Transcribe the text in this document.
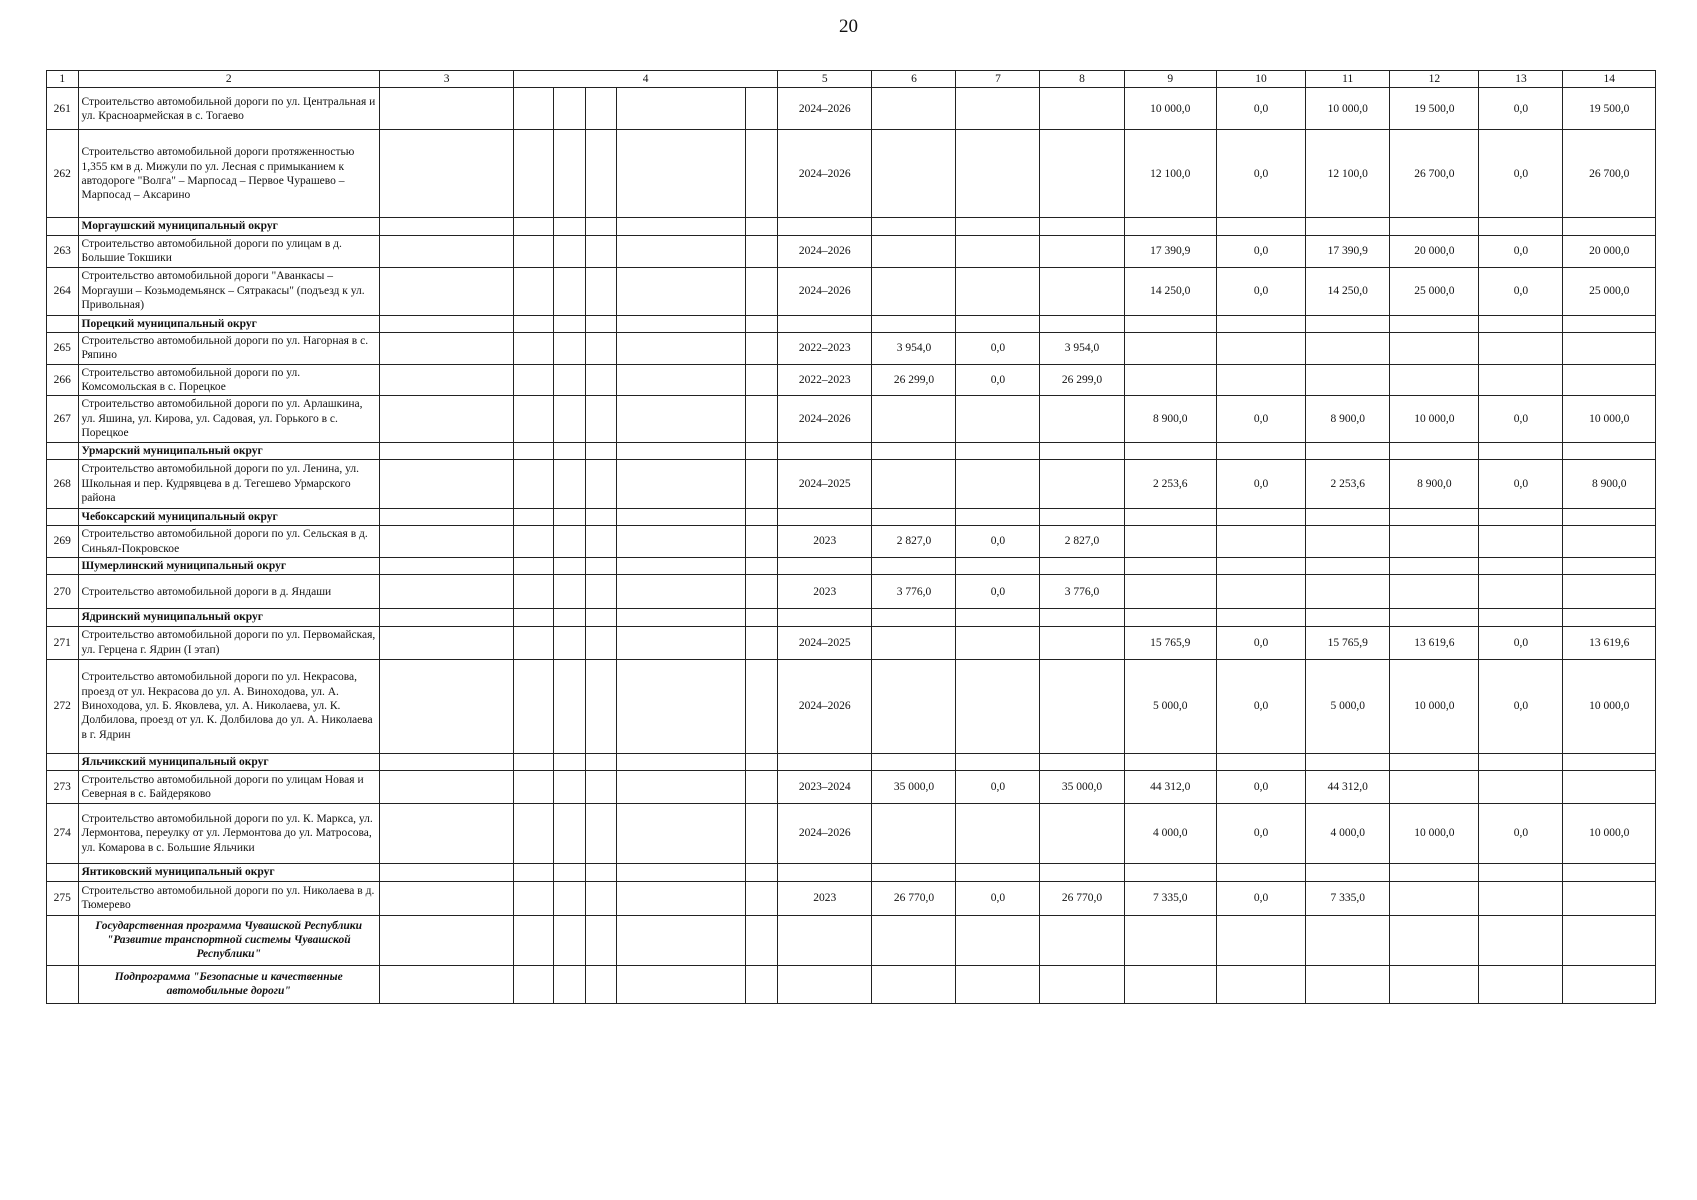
20
1	2	3	4					5	6	7	8	9	10	11	12	13	14
261	Строительство автомобильной дороги по ул. Центральная и ул. Красноармейская в с. Тогаево							2024–2026				10 000,0	0,0	10 000,0	19 500,0	0,0	19 500,0
262	Строительство автомобильной дороги протяженностью 1,355 км в д. Мижули по ул. Лесная с примыканием к автодороге "Волга" – Марпосад – Первое Чурашево – Марпосад – Аксарино							2024–2026				12 100,0	0,0	12 100,0	26 700,0	0,0	26 700,0
	Моргаушский муниципальный округ																
263	Строительство автомобильной дороги по улицам в д. Большие Токшики							2024–2026				17 390,9	0,0	17 390,9	20 000,0	0,0	20 000,0
264	Строительство автомобильной дороги "Аванкасы – Моргауши – Козьмодемьянск – Сятракасы" (подъезд к ул. Привольная)							2024–2026				14 250,0	0,0	14 250,0	25 000,0	0,0	25 000,0
	Порецкий муниципальный округ																
265	Строительство автомобильной дороги по ул. Нагорная в с. Ряпино							2022–2023	3 954,0	0,0	3 954,0						
266	Строительство автомобильной дороги по ул. Комсомольская в с. Порецкое							2022–2023	26 299,0	0,0	26 299,0						
267	Строительство автомобильной дороги по ул. Арлашкина, ул. Яшина, ул. Кирова, ул. Садовая, ул. Горького в с. Порецкое							2024–2026				8 900,0	0,0	8 900,0	10 000,0	0,0	10 000,0
	Урмарский муниципальный округ																
268	Строительство автомобильной дороги по ул. Ленина, ул. Школьная и пер. Кудрявцева в д. Тегешево Урмарского района							2024–2025				2 253,6	0,0	2 253,6	8 900,0	0,0	8 900,0
	Чебоксарский муниципальный округ																
269	Строительство автомобильной дороги по ул. Сельская в д. Синьял-Покровское							2023	2 827,0	0,0	2 827,0						
	Шумерлинский муниципальный округ																
270	Строительство автомобильной дороги в д. Яндаши							2023	3 776,0	0,0	3 776,0						
	Ядринский муниципальный округ																
271	Строительство автомобильной дороги по ул. Первомайская, ул. Герцена г. Ядрин (I этап)							2024–2025				15 765,9	0,0	15 765,9	13 619,6	0,0	13 619,6
272	Строительство автомобильной дороги по ул. Некрасова, проезд от ул. Некрасова до ул. А. Виноходова, ул. А. Виноходова, ул. Б. Яковлева, ул. А. Николаева, ул. К. Долбилова, проезд от ул. К. Долбилова до ул. А. Николаева в г. Ядрин							2024–2026				5 000,0	0,0	5 000,0	10 000,0	0,0	10 000,0
	Яльчикский муниципальный округ																
273	Строительство автомобильной дороги по улицам Новая и Северная в с. Байдеряково							2023–2024	35 000,0	0,0	35 000,0	44 312,0	0,0	44 312,0			
274	Строительство автомобильной дороги по ул. К. Маркса, ул. Лермонтова, переулку от ул. Лермонтова до ул. Матросова, ул. Комарова в с. Большие Яльчики							2024–2026				4 000,0	0,0	4 000,0	10 000,0	0,0	10 000,0
	Янтиковский муниципальный округ																
275	Строительство автомобильной дороги по ул. Николаева в д. Тюмерево							2023	26 770,0	0,0	26 770,0	7 335,0	0,0	7 335,0			
	Государственная программа Чувашской Республики "Развитие транспортной системы Чувашской Республики"																
	Подпрограмма "Безопасные и качественные автомобильные дороги"																
